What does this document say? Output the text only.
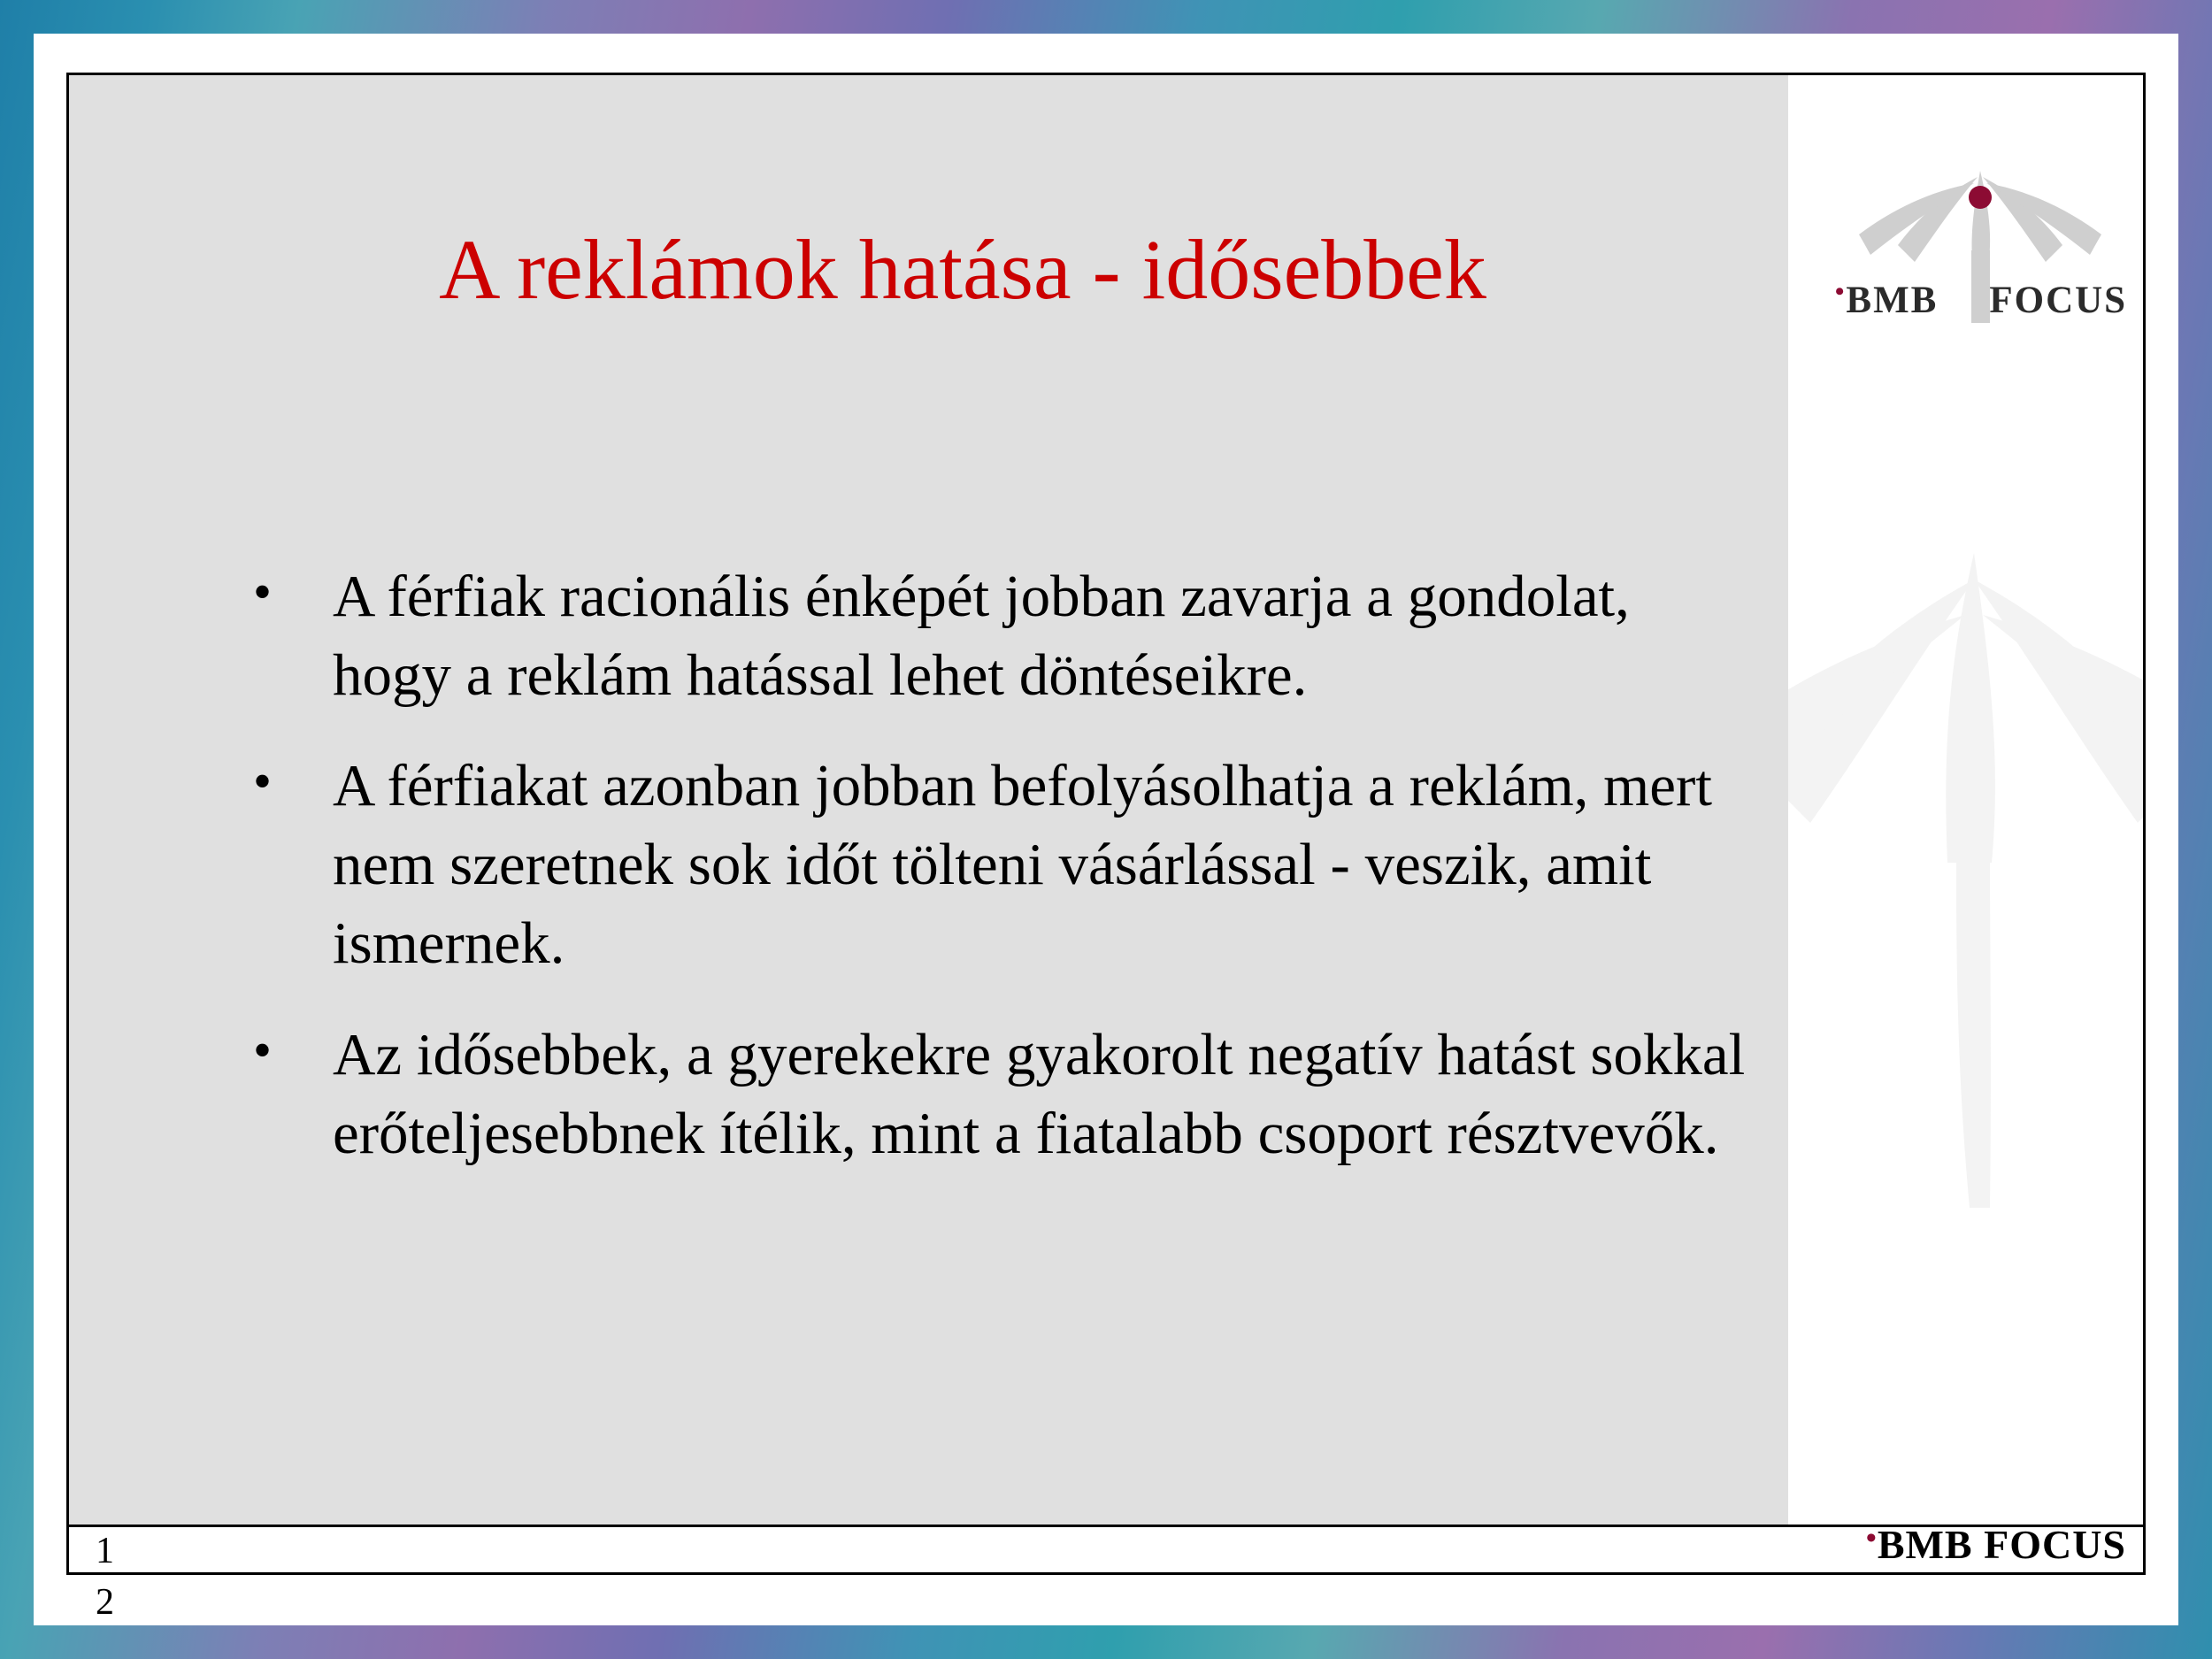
A reklámok hatása - idősebbek
• A férfiak racionális énképét jobban zavarja a gondolat, hogy a reklám hatással lehet döntéseikre.
• A férfiakat azonban jobban befolyásolhatja a reklám, mert nem szeretnek sok időt tölteni vásárlással - veszik, amit ismernek.
• Az idősebbek, a gyerekekre gyakorolt negatív hatást sokkal erőteljesebbnek ítélik, mint a fiatalabb csoport résztvevők.
•BMB FOCUS
•BMB FOCUS
1
2
